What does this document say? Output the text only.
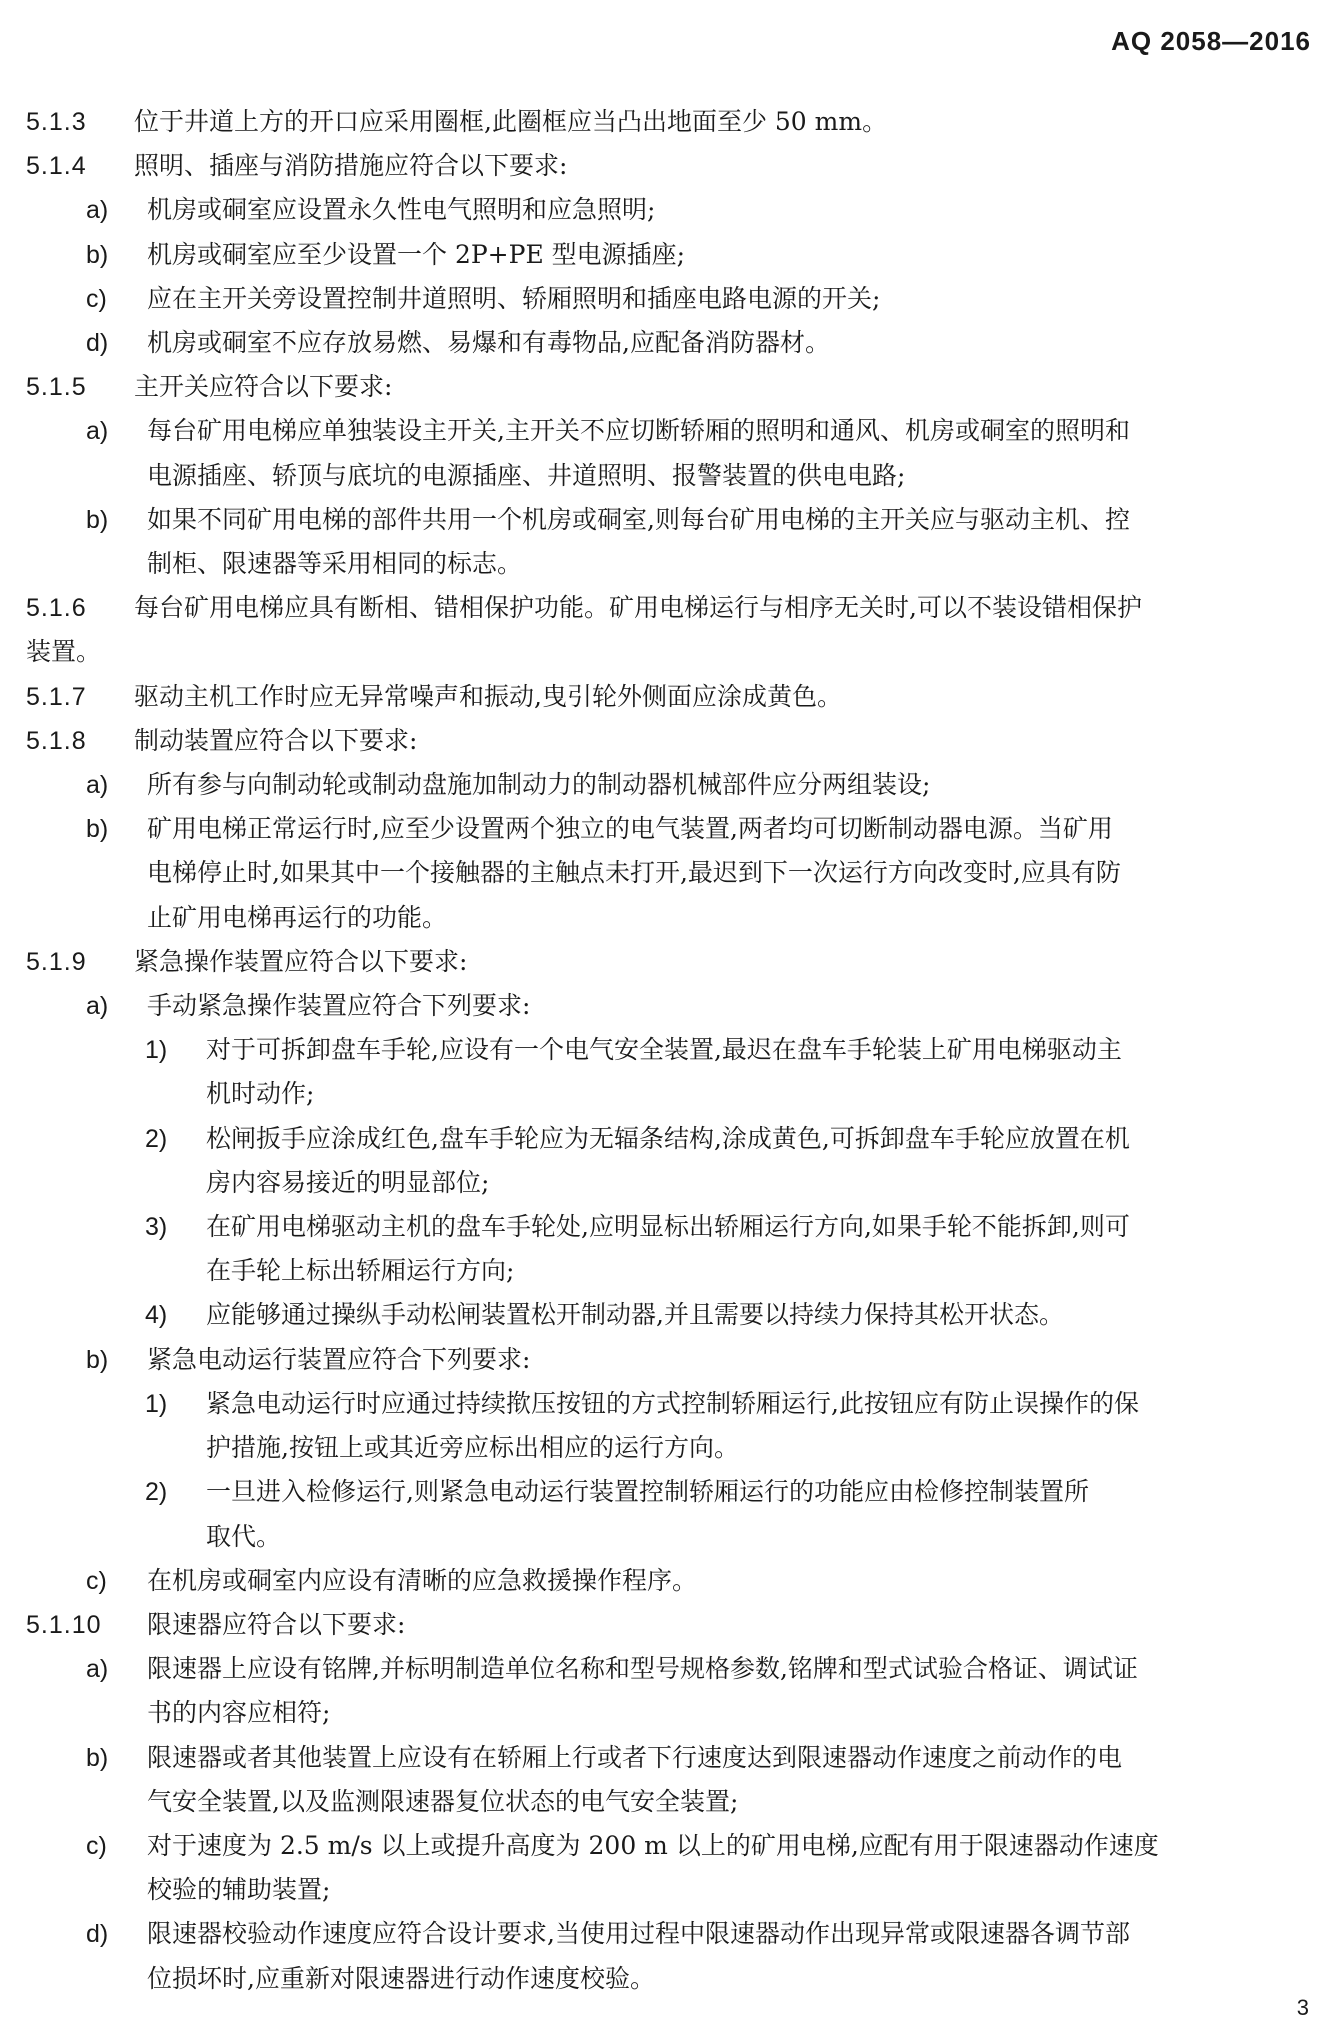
AQ 2058—2016
5.1.3 位于井道上方的开口应采用圈框,此圈框应当凸出地面至少 50 mm。
5.1.4 照明、插座与消防措施应符合以下要求:
a) 机房或硐室应设置永久性电气照明和应急照明;
b) 机房或硐室应至少设置一个 2P+PE 型电源插座;
c) 应在主开关旁设置控制井道照明、轿厢照明和插座电路电源的开关;
d) 机房或硐室不应存放易燃、易爆和有毒物品,应配备消防器材。
5.1.5 主开关应符合以下要求:
a) 每台矿用电梯应单独装设主开关,主开关不应切断轿厢的照明和通风、机房或硐室的照明和
电源插座、轿顶与底坑的电源插座、井道照明、报警装置的供电电路;
b) 如果不同矿用电梯的部件共用一个机房或硐室,则每台矿用电梯的主开关应与驱动主机、控
制柜、限速器等采用相同的标志。
5.1.6 每台矿用电梯应具有断相、错相保护功能。矿用电梯运行与相序无关时,可以不装设错相保护
装置。
5.1.7 驱动主机工作时应无异常噪声和振动,曳引轮外侧面应涂成黄色。
5.1.8 制动装置应符合以下要求:
a) 所有参与向制动轮或制动盘施加制动力的制动器机械部件应分两组装设;
b) 矿用电梯正常运行时,应至少设置两个独立的电气装置,两者均可切断制动器电源。当矿用
电梯停止时,如果其中一个接触器的主触点未打开,最迟到下一次运行方向改变时,应具有防
止矿用电梯再运行的功能。
5.1.9 紧急操作装置应符合以下要求:
a) 手动紧急操作装置应符合下列要求:
1) 对于可拆卸盘车手轮,应设有一个电气安全装置,最迟在盘车手轮装上矿用电梯驱动主
机时动作;
2) 松闸扳手应涂成红色,盘车手轮应为无辐条结构,涂成黄色,可拆卸盘车手轮应放置在机
房内容易接近的明显部位;
3) 在矿用电梯驱动主机的盘车手轮处,应明显标出轿厢运行方向,如果手轮不能拆卸,则可
在手轮上标出轿厢运行方向;
4) 应能够通过操纵手动松闸装置松开制动器,并且需要以持续力保持其松开状态。
b) 紧急电动运行装置应符合下列要求:
1) 紧急电动运行时应通过持续揿压按钮的方式控制轿厢运行,此按钮应有防止误操作的保
护措施,按钮上或其近旁应标出相应的运行方向。
2) 一旦进入检修运行,则紧急电动运行装置控制轿厢运行的功能应由检修控制装置所
取代。
c) 在机房或硐室内应设有清晰的应急救援操作程序。
5.1.10 限速器应符合以下要求:
a) 限速器上应设有铭牌,并标明制造单位名称和型号规格参数,铭牌和型式试验合格证、调试证
书的内容应相符;
b) 限速器或者其他装置上应设有在轿厢上行或者下行速度达到限速器动作速度之前动作的电
气安全装置,以及监测限速器复位状态的电气安全装置;
c) 对于速度为 2.5 m/s 以上或提升高度为 200 m 以上的矿用电梯,应配有用于限速器动作速度
校验的辅助装置;
d) 限速器校验动作速度应符合设计要求,当使用过程中限速器动作出现异常或限速器各调节部
位损坏时,应重新对限速器进行动作速度校验。
3
